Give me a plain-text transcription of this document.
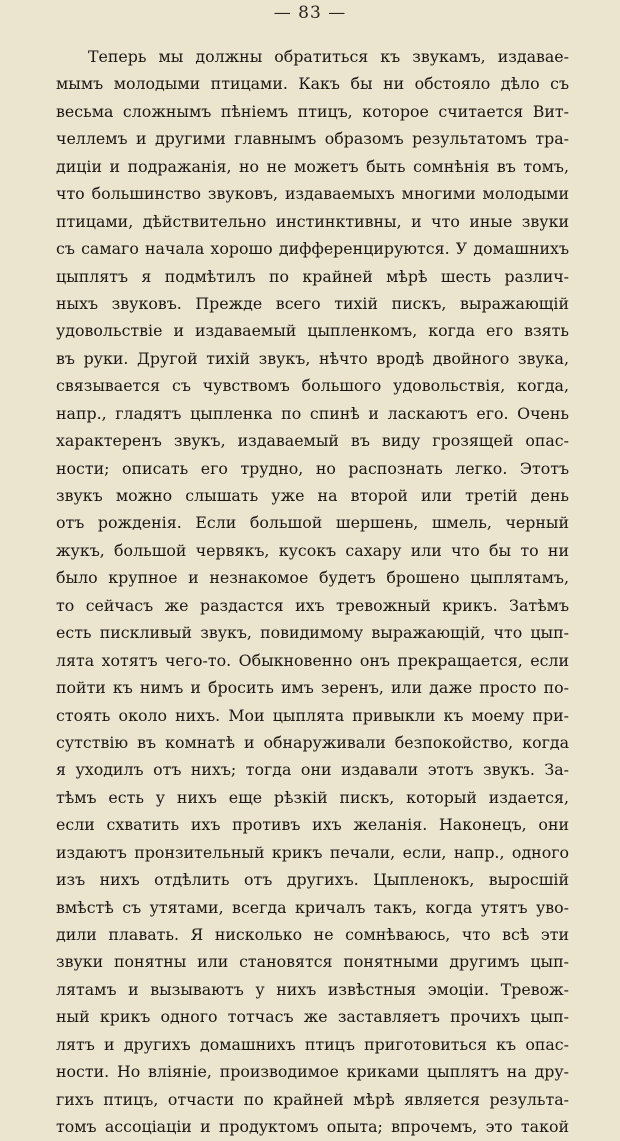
— 83 —
Теперь мы должны обратиться къ звукамъ, издавае-
мымъ молодыми птицами. Какъ бы ни обстояло дѣло съ
весьма сложнымъ пѣніемъ птицъ, которое считается Вит-
челлемъ и другими главнымъ образомъ результатомъ тра-
диціи и подражанія, но не можетъ быть сомнѣнія въ томъ,
что большинство звуковъ, издаваемыхъ многими молодыми
птицами, дѣйствительно инстинктивны, и что иные звуки
съ самаго начала хорошо дифференцируются. У домашнихъ
цыплятъ я подмѣтилъ по крайней мѣрѣ шесть различ-
ныхъ звуковъ. Прежде всего тихій пискъ, выражающій
удовольствіе и издаваемый цыпленкомъ, когда его взять
въ руки. Другой тихій звукъ, нѣчто вродѣ двойного звука,
связывается съ чувствомъ большого удовольствія, когда,
напр., гладятъ цыпленка по спинѣ и ласкаютъ его. Очень
характеренъ звукъ, издаваемый въ виду грозящей опас-
ности; описать его трудно, но распознать легко. Этотъ
звукъ можно слышать уже на второй или третій день
отъ рожденія. Если большой шершень, шмель, черный
жукъ, большой червякъ, кусокъ сахару или что бы то ни
было крупное и незнакомое будетъ брошено цыплятамъ,
то сейчасъ же раздастся ихъ тревожный крикъ. Затѣмъ
есть пискливый звукъ, повидимому выражающій, что цып-
лята хотятъ чего-то. Обыкновенно онъ прекращается, если
пойти къ нимъ и бросить имъ зеренъ, или даже просто по-
стоять около нихъ. Мои цыплята привыкли къ моему при-
сутствію въ комнатѣ и обнаруживали безпокойство, когда
я уходилъ отъ нихъ; тогда они издавали этотъ звукъ. За-
тѣмъ есть у нихъ еще рѣзкій пискъ, который издается,
если схватить ихъ противъ ихъ желанія. Наконецъ, они
издаютъ пронзительный крикъ печали, если, напр., одного
изъ нихъ отдѣлить отъ другихъ. Цыпленокъ, выросшій
вмѣстѣ съ утятами, всегда кричалъ такъ, когда утятъ уво-
дили плавать. Я нисколько не сомнѣваюсь, что всѣ эти
звуки понятны или становятся понятными другимъ цып-
лятамъ и вызываютъ у нихъ извѣстныя эмоціи. Тревож-
ный крикъ одного тотчасъ же заставляетъ прочихъ цып-
лятъ и другихъ домашнихъ птицъ приготовиться къ опас-
ности. Но вліяніе, производимое криками цыплятъ на дру-
гихъ птицъ, отчасти по крайней мѣрѣ является результа-
томъ ассоціаціи и продуктомъ опыта; впрочемъ, это такой
